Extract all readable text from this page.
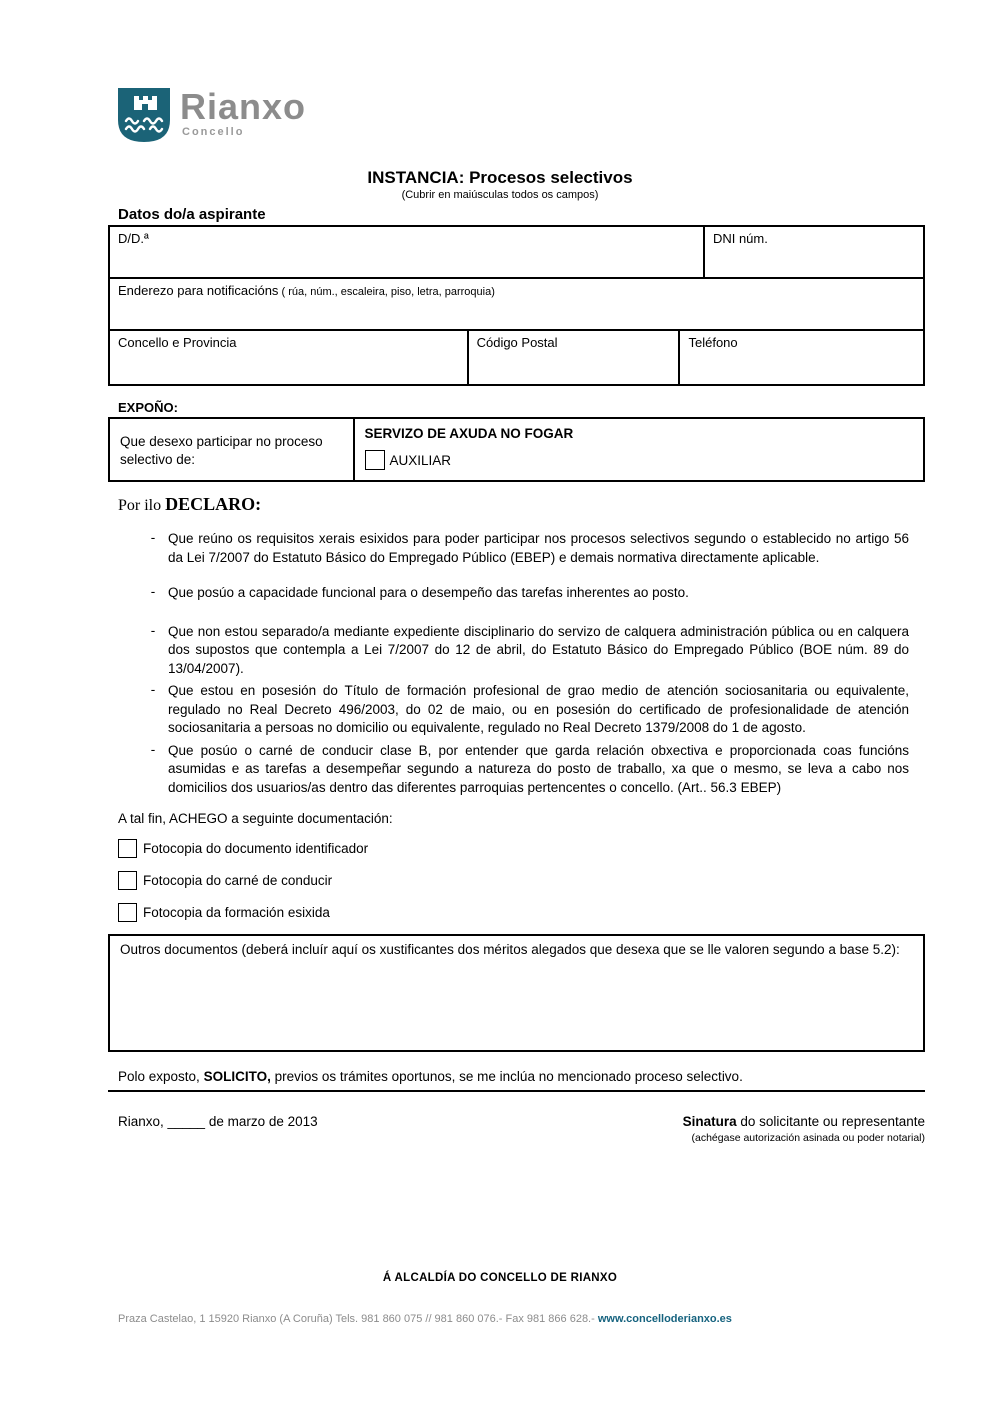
Rianxo
Concello
INSTANCIA: Procesos selectivos
(Cubrir en maiúsculas todos os campos)
Datos do/a aspirante
D/D.ª	DNI núm.
Enderezo para notificacións ( rúa, núm., escaleira, piso, letra, parroquia)
Concello e Provincia	Código Postal	Teléfono
EXPOÑO:
Que desexo participar no proceso selectivo de:	
SERVIZO DE AXUDA NO FOGAR
AUXILIAR
Por ilo DECLARO:
- Que reúno os requisitos xerais esixidos para poder participar nos procesos selectivos segundo o establecido no artigo 56 da Lei 7/2007 do Estatuto Básico do Empregado Público (EBEP) e demais normativa directamente aplicable.
- Que posúo a capacidade funcional para o desempeño das tarefas inherentes ao posto.
- Que non estou separado/a mediante expediente disciplinario do servizo de calquera administración pública ou en calquera dos supostos que contempla a Lei 7/2007 do 12 de abril, do Estatuto Básico do Empregado Público (BOE núm. 89 do 13/04/2007).
- Que estou en posesión do Título de formación profesional de grao medio de atención sociosanitaria ou equivalente, regulado no Real Decreto 496/2003, do 02 de maio, ou en posesión do certificado de profesionalidade de atención sociosanitaria a persoas no domicilio ou equivalente, regulado no Real Decreto 1379/2008 do 1 de agosto.
- Que posúo o carné de conducir clase B, por entender que garda relación obxectiva e proporcionada coas funcións asumidas e as tarefas a desempeñar segundo a natureza do posto de traballo, xa que o mesmo, se leva a cabo nos domicilios dos usuarios/as dentro das diferentes parroquias pertencentes o concello. (Art.. 56.3 EBEP)
A tal fin, ACHEGO a seguinte documentación:
Fotocopia do documento identificador
Fotocopia do carné de conducir
Fotocopia da formación esixida
Outros documentos (deberá incluír aquí os xustificantes dos méritos alegados que desexa que se lle valoren segundo a base 5.2):
Polo exposto, SOLICITO, previos os trámites oportunos, se me inclúa no mencionado proceso selectivo.
Rianxo, _____ de marzo de 2013	Sinatura do solicitante ou representante
(achégase autorización asinada ou poder notarial)
Á ALCALDÍA DO CONCELLO DE RIANXO
Praza Castelao, 1 15920 Rianxo (A Coruña) Tels. 981 860 075 // 981 860 076.- Fax 981 866 628.- www.concelloderianxo.es
